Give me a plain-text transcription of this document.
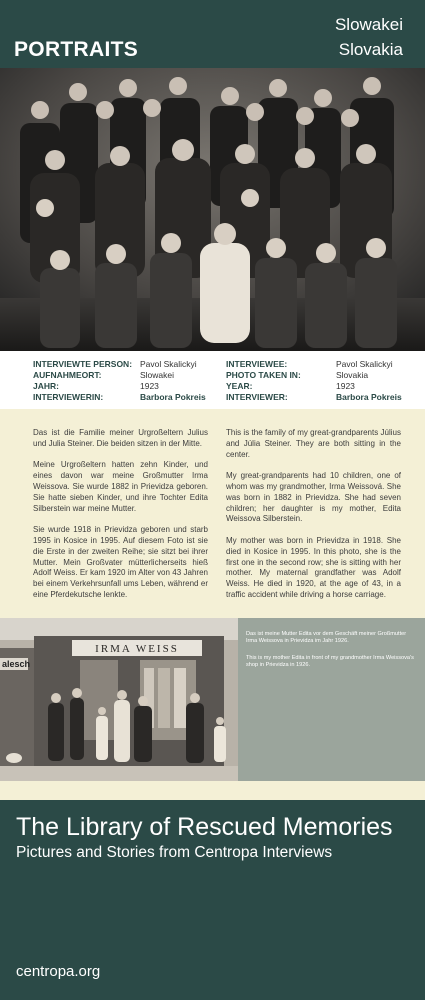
PORTRAITS
Slowakei
Slovakia
INTERVIEWTE PERSON: Pavol Skalickyi	INTERVIEWEE:	Pavol Skalickyi
AUFNAHMEORT:	Slowakei	PHOTO TAKEN IN:	Slovakia
JAHR:	1923	YEAR:	1923
INTERVIEWERIN:	Barbora Pokreis INTERVIEWER:	Barbora Pokreis

Das ist die Familie meiner Urgroßeltern Julius und Julia Steiner. Die beiden sitzen in der Mitte.

Meine Urgroßeltern hatten zehn Kinder, und eines davon war meine Großmutter Irma Weissova. Sie wurde 1882 in Prievidza geboren. Sie hatte sieben Kinder, und ihre Tochter Edita Silberstein war meine Mutter.

Sie wurde 1918 in Prievidza geboren und starb 1995 in Kosice in 1995. Auf diesem Foto ist sie die Erste in der zweiten Reihe; sie sitzt bei ihrer Mutter. Mein Großvater mütterlicherseits hieß Adolf Weiss. Er kam 1920 im Alter von 43 Jahren bei einem Verkehrsunfall ums Leben, während er eine Pferdekutsche lenkte.

This is the family of my great-grandparents Július and Júlia Steiner. They are both sitting in the center.

My great-grandparents had 10 children, one of whom was my grandmother, Irma Weissová. She was born in 1882 in Prievidza. She had seven children; her daughter is my mother, Edita Weissova Silberstein.

My mother was born in Prievidza in 1918. She died in Kosice in 1995. In this photo, she is the first one in the second row; she is sitting with her mother. My maternal grandfather was Adolf Weiss. He died in 1920, at the age of 43, in a traffic accident while driving a horse carriage.

IRMA WEISS
alesch

Das ist meine Mutter Edita vor dem Geschäft meiner Großmutter Irma Weissova in Prievidza im Jahr 1926.

This is my mother Edita in front of my grandmother Irma Weissova's shop in Prievidza in 1926.

The Library of Rescued Memories
Pictures and Stories from Centropa Interviews
centropa.org
